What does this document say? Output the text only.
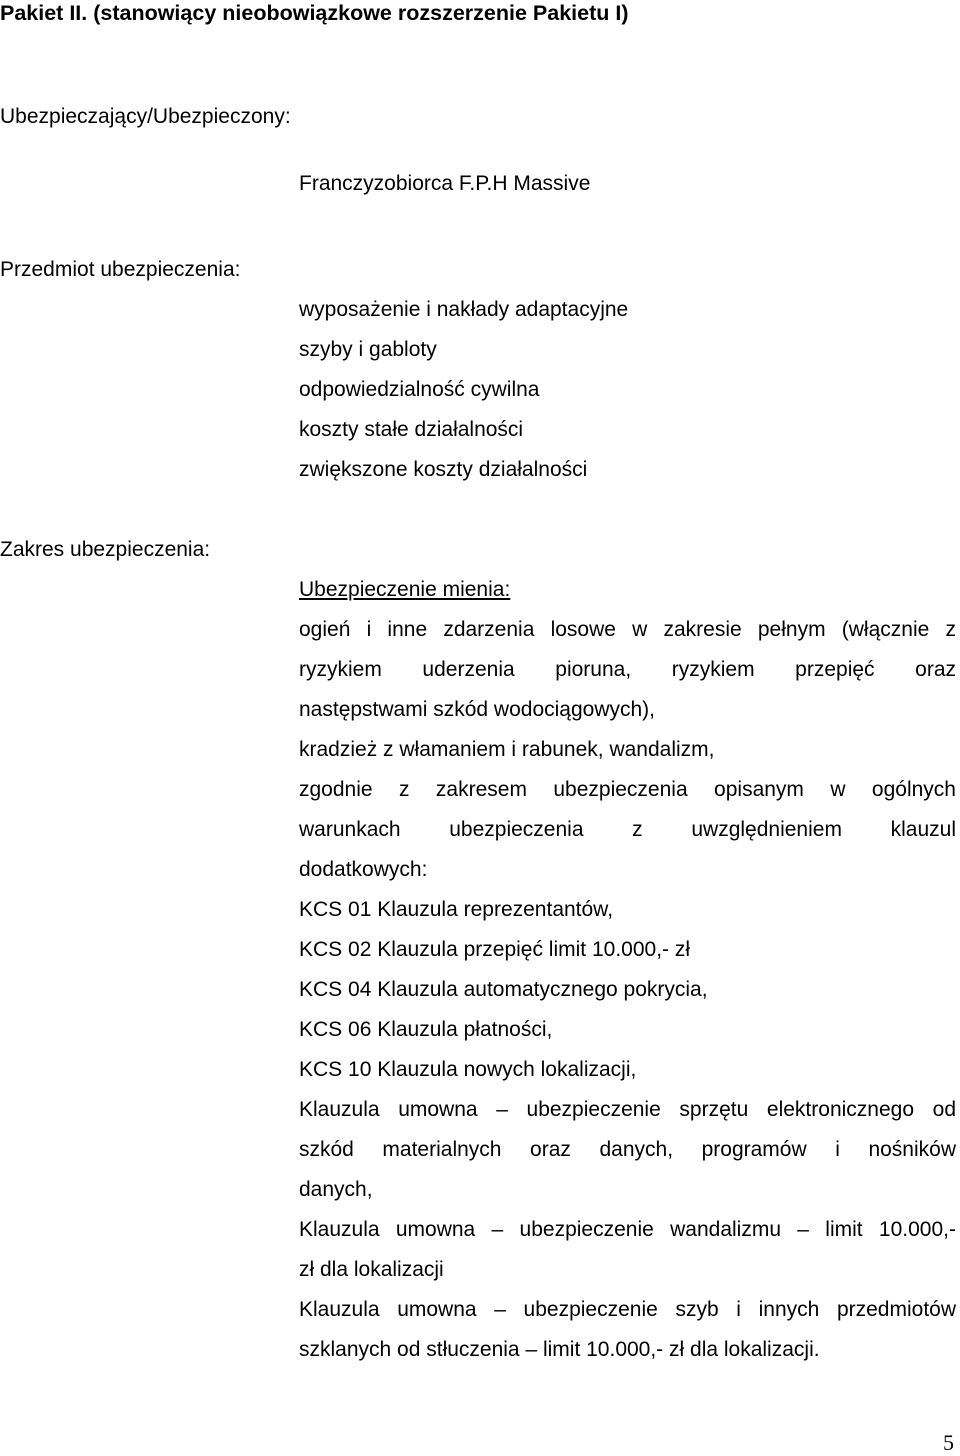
Pakiet II. (stanowiący nieobowiązkowe rozszerzenie Pakietu I)
Ubezpieczający/Ubezpieczony:
Franczyzobiorca F.P.H Massive
Przedmiot ubezpieczenia:
wyposażenie i nakłady adaptacyjne
szyby i gabloty
odpowiedzialność cywilna
koszty stałe działalności
zwiększone koszty działalności
Zakres ubezpieczenia:
Ubezpieczenie mienia:
ogień i inne zdarzenia losowe w zakresie pełnym (włącznie z
ryzykiem uderzenia pioruna, ryzykiem przepięć oraz
następstwami szkód wodociągowych),
kradzież z włamaniem i rabunek, wandalizm,
zgodnie z zakresem ubezpieczenia opisanym w ogólnych
warunkach ubezpieczenia z uwzględnieniem klauzul
dodatkowych:
KCS 01 Klauzula reprezentantów,
KCS 02 Klauzula przepięć limit 10.000,- zł
KCS 04 Klauzula automatycznego pokrycia,
KCS 06 Klauzula płatności,
KCS 10 Klauzula nowych lokalizacji,
Klauzula umowna – ubezpieczenie sprzętu elektronicznego od
szkód materialnych oraz danych, programów i nośników
danych,
Klauzula umowna – ubezpieczenie wandalizmu – limit 10.000,-
zł dla lokalizacji
Klauzula umowna – ubezpieczenie szyb i innych przedmiotów
szklanych od stłuczenia – limit 10.000,- zł dla lokalizacji.
5
